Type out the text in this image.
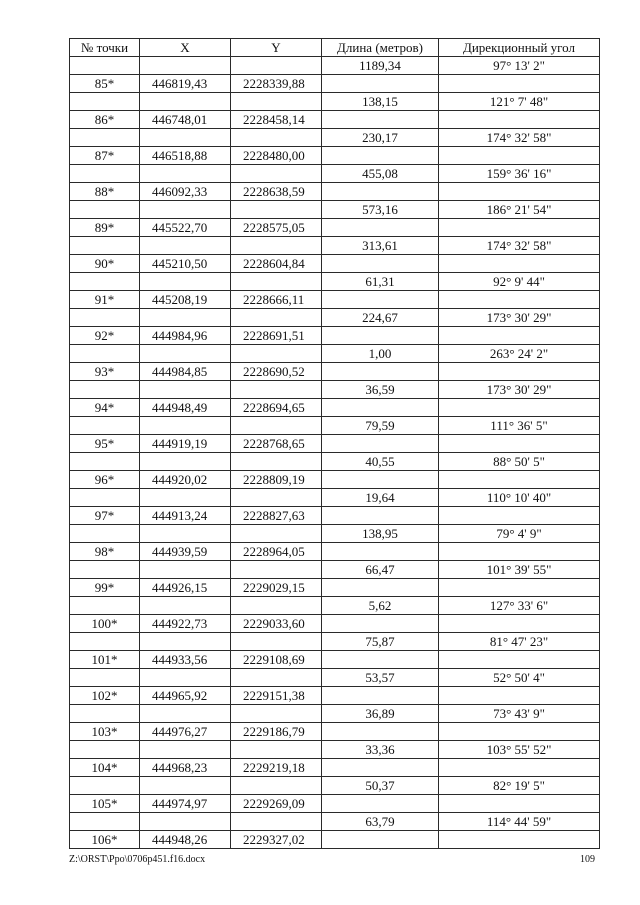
№ точки	X	Y	Длина (метров)	Дирекционный угол
			1189,34	97° 13' 2"
85*	446819,43	2228339,88		
			138,15	121° 7' 48"
86*	446748,01	2228458,14		
			230,17	174° 32' 58"
87*	446518,88	2228480,00		
			455,08	159° 36' 16"
88*	446092,33	2228638,59		
			573,16	186° 21' 54"
89*	445522,70	2228575,05		
			313,61	174° 32' 58"
90*	445210,50	2228604,84		
			61,31	92° 9' 44"
91*	445208,19	2228666,11		
			224,67	173° 30' 29"
92*	444984,96	2228691,51		
			1,00	263° 24' 2"
93*	444984,85	2228690,52		
			36,59	173° 30' 29"
94*	444948,49	2228694,65		
			79,59	111° 36' 5"
95*	444919,19	2228768,65		
			40,55	88° 50' 5"
96*	444920,02	2228809,19		
			19,64	110° 10' 40"
97*	444913,24	2228827,63		
			138,95	79° 4' 9"
98*	444939,59	2228964,05		
			66,47	101° 39' 55"
99*	444926,15	2229029,15		
			5,62	127° 33' 6"
100*	444922,73	2229033,60		
			75,87	81° 47' 23"
101*	444933,56	2229108,69		
			53,57	52° 50' 4"
102*	444965,92	2229151,38		
			36,89	73° 43' 9"
103*	444976,27	2229186,79		
			33,36	103° 55' 52"
104*	444968,23	2229219,18		
			50,37	82° 19' 5"
105*	444974,97	2229269,09		
			63,79	114° 44' 59"
106*	444948,26	2229327,02		
Z:\ORST\Ppo\0706p451.f16.docx	109
